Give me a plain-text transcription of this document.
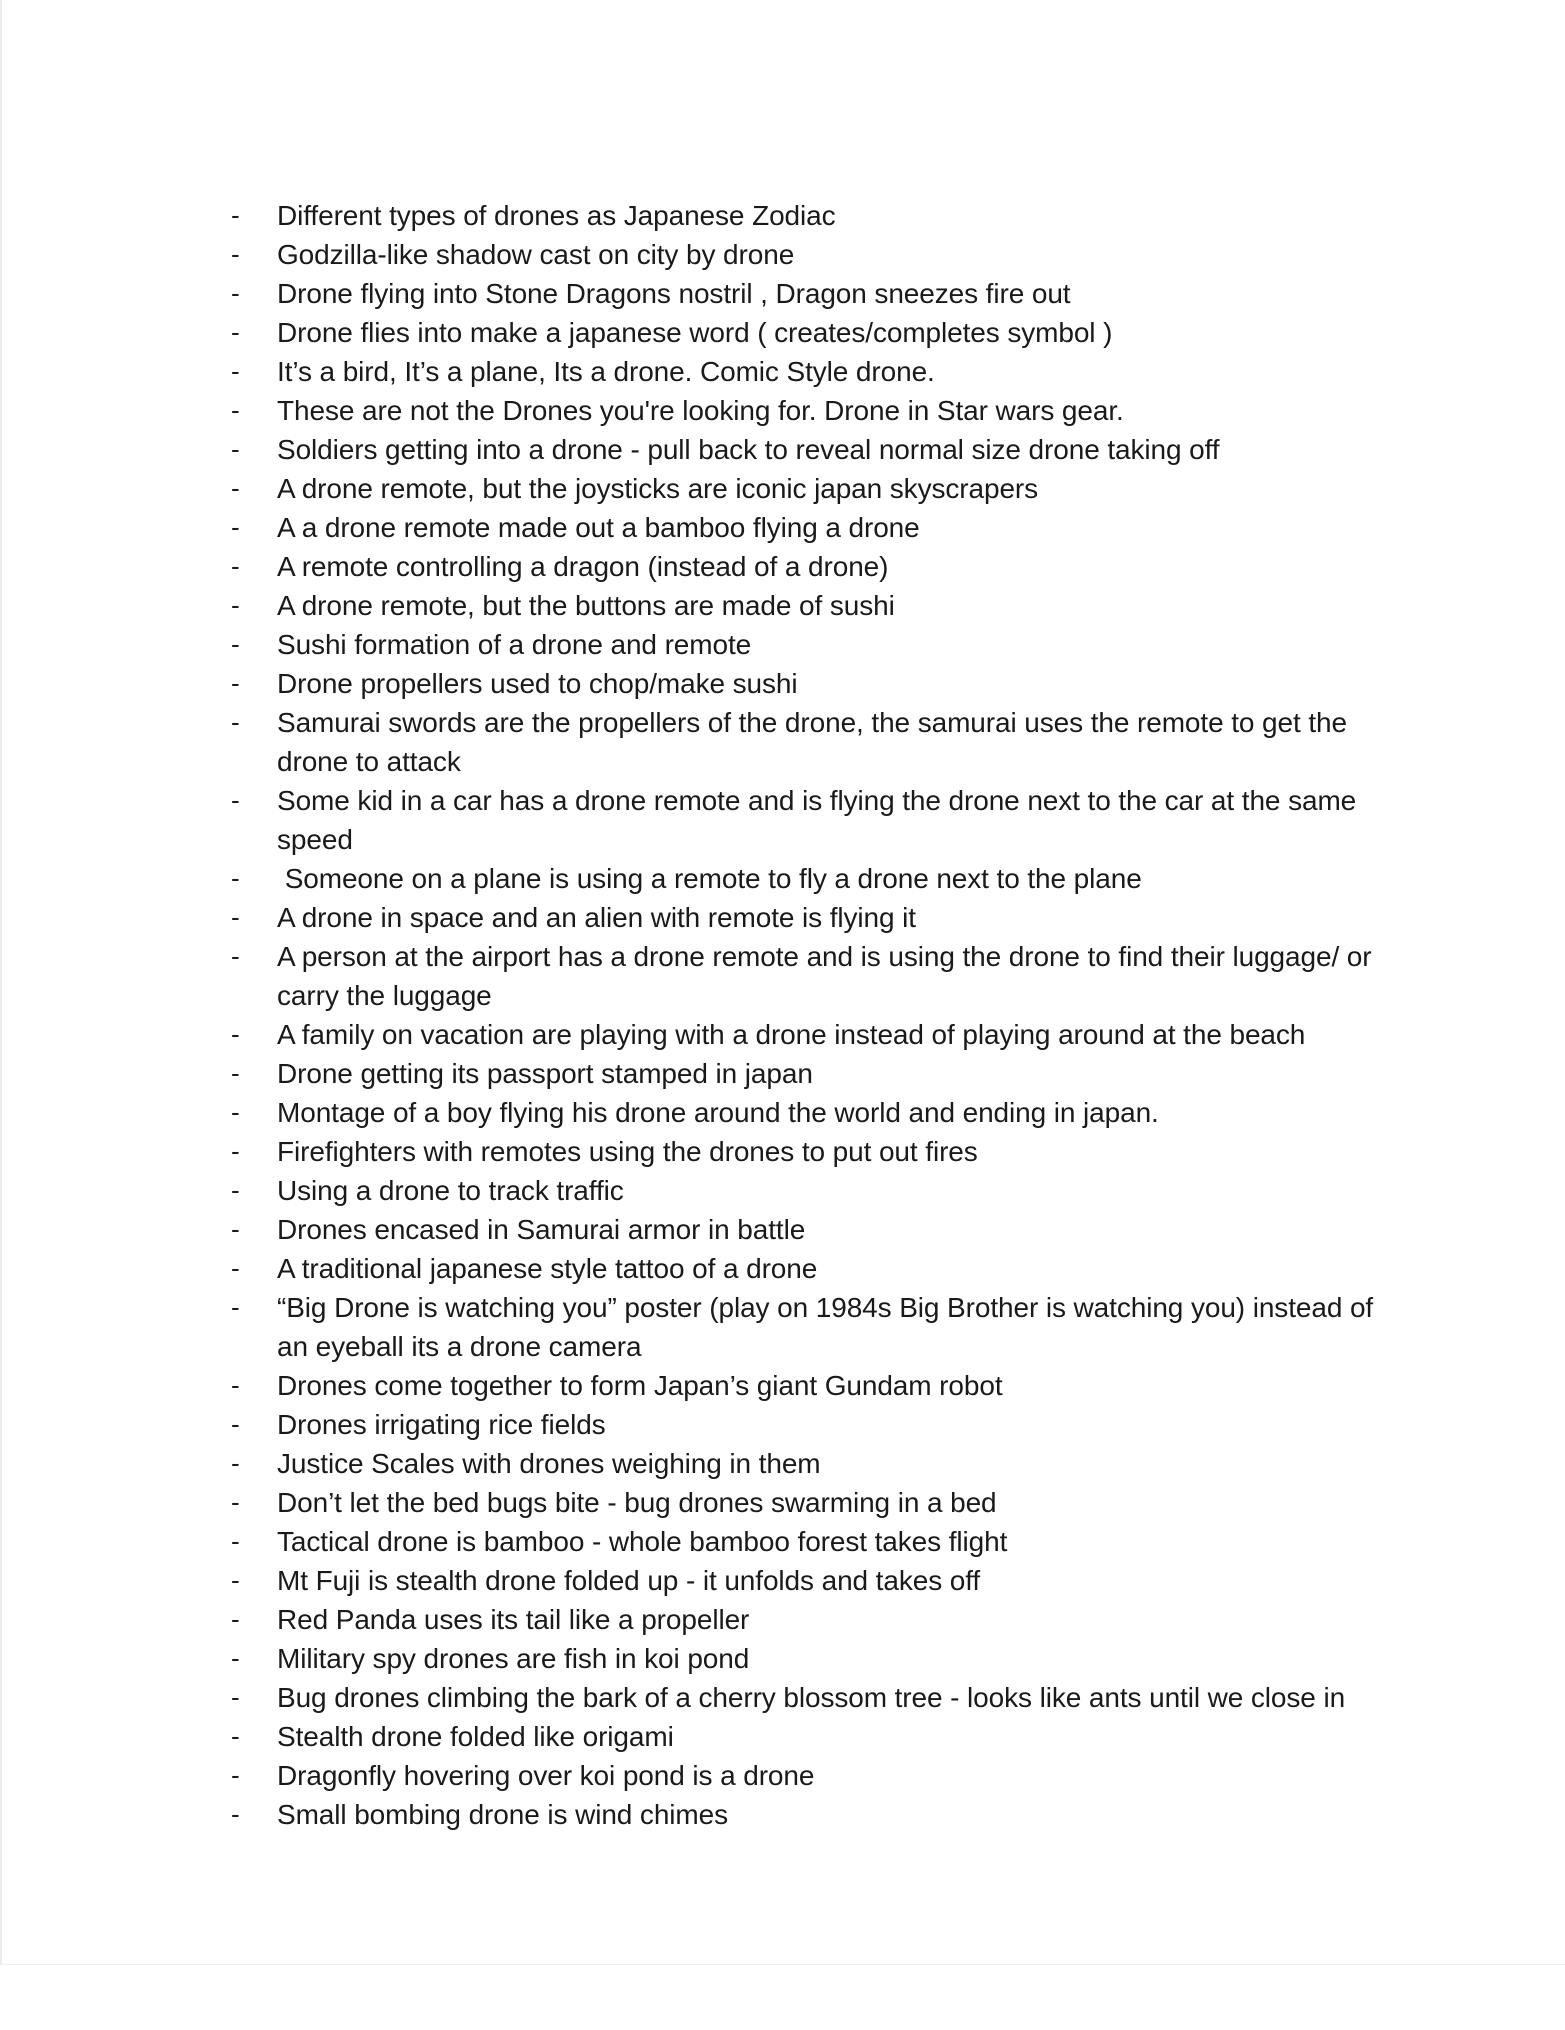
- Different types of drones as Japanese Zodiac
- Godzilla-like shadow cast on city by drone
- Drone flying into Stone Dragons nostril , Dragon sneezes fire out
- Drone flies into make a japanese word ( creates/completes symbol )
- It’s a bird, It’s a plane, Its a drone. Comic Style drone.
- These are not the Drones you're looking for. Drone in Star wars gear.
- Soldiers getting into a drone - pull back to reveal normal size drone taking off
- A drone remote, but the joysticks are iconic japan skyscrapers
- A a drone remote made out a bamboo flying a drone
- A remote controlling a dragon (instead of a drone)
- A drone remote, but the buttons are made of sushi
- Sushi formation of a drone and remote
- Drone propellers used to chop/make sushi
- Samurai swords are the propellers of the drone, the samurai uses the remote to get the drone to attack
- Some kid in a car has a drone remote and is flying the drone next to the car at the same speed
- Someone on a plane is using a remote to fly a drone next to the plane
- A drone in space and an alien with remote is flying it
- A person at the airport has a drone remote and is using the drone to find their luggage/ or carry the luggage
- A family on vacation are playing with a drone instead of playing around at the beach
- Drone getting its passport stamped in japan
- Montage of a boy flying his drone around the world and ending in japan.
- Firefighters with remotes using the drones to put out fires
- Using a drone to track traffic
- Drones encased in Samurai armor in battle
- A traditional japanese style tattoo of a drone
- “Big Drone is watching you” poster (play on 1984s Big Brother is watching you) instead of an eyeball its a drone camera
- Drones come together to form Japan’s giant Gundam robot
- Drones irrigating rice fields
- Justice Scales with drones weighing in them
- Don’t let the bed bugs bite - bug drones swarming in a bed
- Tactical drone is bamboo - whole bamboo forest takes flight
- Mt Fuji is stealth drone folded up - it unfolds and takes off
- Red Panda uses its tail like a propeller
- Military spy drones are fish in koi pond
- Bug drones climbing the bark of a cherry blossom tree - looks like ants until we close in
- Stealth drone folded like origami
- Dragonfly hovering over koi pond is a drone
- Small bombing drone is wind chimes
